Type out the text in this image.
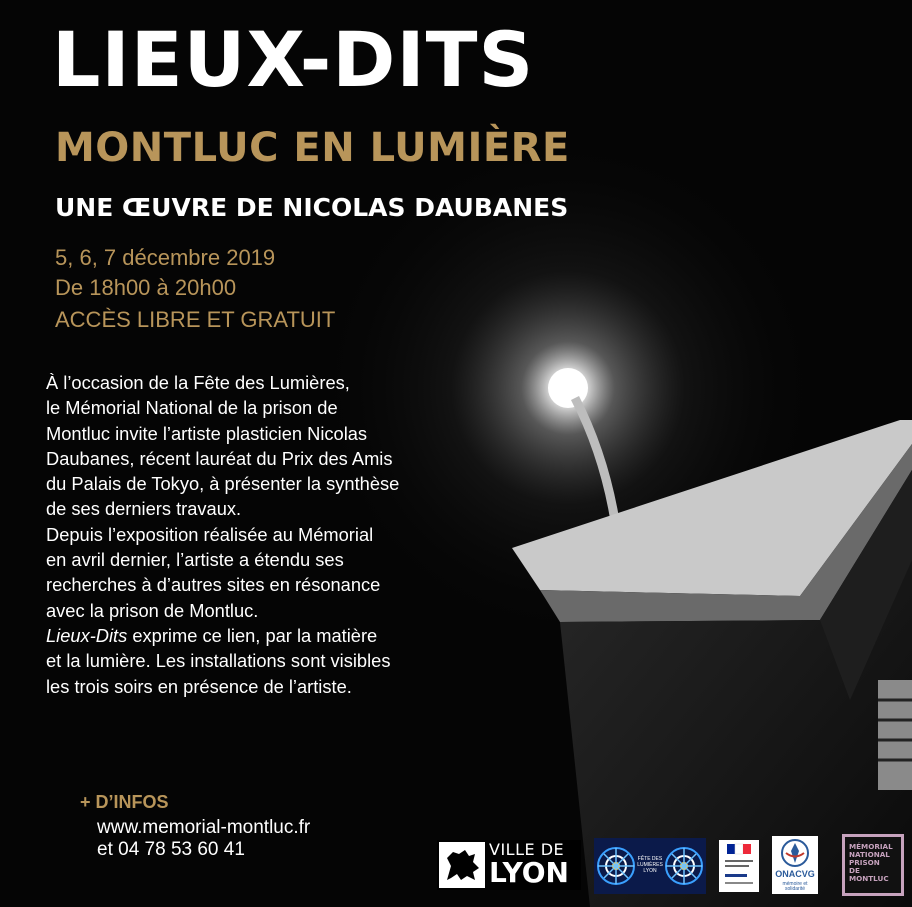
LIEUX-DITS
MONTLUC EN LUMIÈRE
UNE ŒUVRE DE NICOLAS DAUBANES
5, 6, 7 décembre 2019
De 18h00 à 20h00
ACCÈS LIBRE ET GRATUIT
À l’occasion de la Fête des Lumières,
le Mémorial National de la prison de
Montluc invite l’artiste plasticien Nicolas
Daubanes, récent lauréat du Prix des Amis
du Palais de Tokyo, à présenter la synthèse
de ses derniers travaux.
Depuis l’exposition réalisée au Mémorial
en avril dernier, l’artiste a étendu ses
recherches à d’autres sites en résonance
avec la prison de Montluc.
Lieux-Dits exprime ce lien, par la matière
et la lumière. Les installations sont visibles
les trois soirs en présence de l’artiste.
+ D’INFOS
www.memorial-montluc.fr
et 04 78 53 60 41	VILLE DE
LYON	FÊTE DES LUMIÈRES LYON	ONACVG
mémoire et solidarité
MÉMORIAL
NATIONAL
PRISON
DE MONTLUC
